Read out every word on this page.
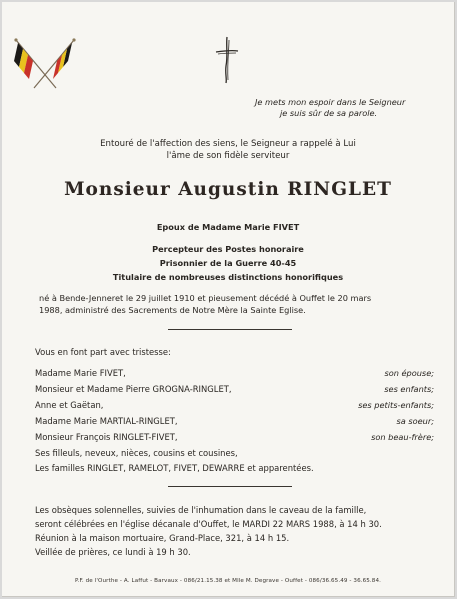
Je mets mon espoir dans le Seigneur
je suis sûr de sa parole.
Entouré de l'affection des siens, le Seigneur a rappelé à Lui
l'âme de son fidèle serviteur
Monsieur Augustin RINGLET
Epoux de Madame Marie FIVET
Percepteur des Postes honoraire
Prisonnier de la Guerre 40-45
Titulaire de nombreuses distinctions honorifiques
né à Bende-Jenneret le 29 juillet 1910 et pieusement décédé à Ouffet le 20 mars
1988, administré des Sacrements de Notre Mère la Sainte Eglise.
Vous en font part avec tristesse:
Madame Marie FIVET,	son épouse;
Monsieur et Madame Pierre GROGNA-RINGLET,	ses enfants;
Anne et Gaëtan,	ses petits-enfants;
Madame Marie MARTIAL-RINGLET,	sa soeur;
Monsieur François RINGLET-FIVET,	son beau-frère;
Ses filleuls, neveux, nièces, cousins et cousines,
Les familles RINGLET, RAMELOT, FIVET, DEWARRE et apparentées.
Les obsèques solennelles, suivies de l'inhumation dans le caveau de la famille,
seront célébrées en l'église décanale d'Ouffet, le MARDI 22 MARS 1988, à 14 h 30.
Réunion à la maison mortuaire, Grand-Place, 321, à 14 h 15.
Veillée de prières, ce lundi à 19 h 30.
P.F. de l'Ourthe - A. Laffut - Barvaux - 086/21.15.38 et Mlle M. Degrave - Ouffet - 086/36.65.49 - 36.65.84.
